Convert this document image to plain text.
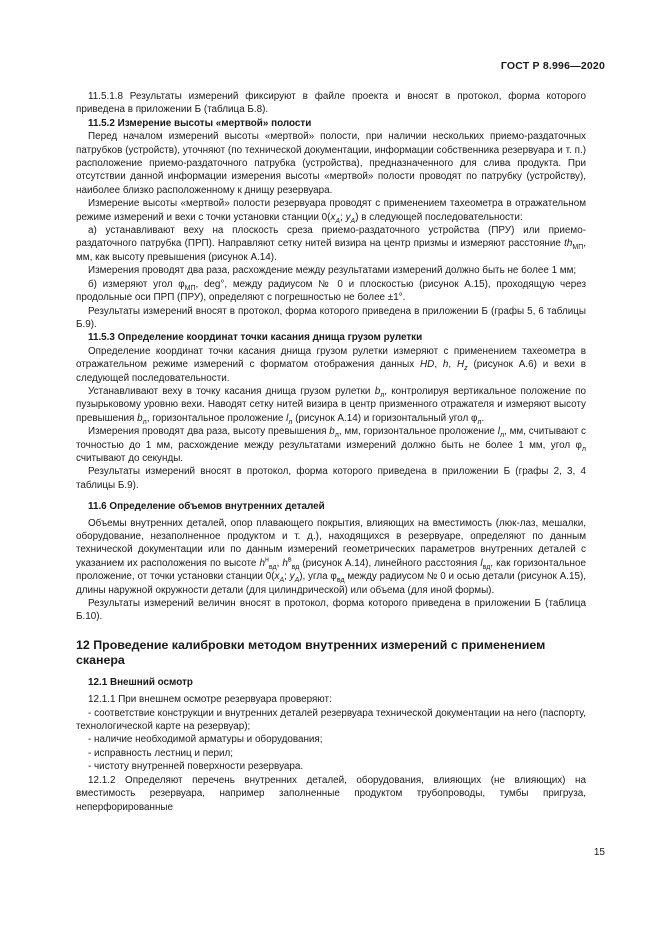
ГОСТ Р 8.996—2020

11.5.1.8 Результаты измерений фиксируют в файле проекта и вносят в протокол, форма которого приведена в приложении Б (таблица Б.8).

11.5.2 Измерение высоты «мертвой» полости

Перед началом измерений высоты «мертвой» полости, при наличии нескольких приемо-раздаточных патрубков (устройств), уточняют (по технической документации, информации собственника резервуара и т. п.) расположение приемо-раздаточного патрубка (устройства), предназначенного для слива продукта. При отсутствии данной информации измерения высоты «мертвой» полости проводят по патрубку (устройству), наиболее близко расположенному к днищу резервуара.

Измерение высоты «мертвой» полости резервуара проводят с применением тахеометра в отражательном режиме измерений и вехи с точки установки станции $0(x_A$; $y_A$) в следующей последовательности:

а) устанавливают веху на плоскость среза приемо-раздаточного устройства (ПРУ) или приемо-раздаточного патрубка (ПРП). Направляют сетку нитей визира на центр призмы и измеряют расстояние $th_{МП}$, мм, как высоту превышения (рисунок А.14).

Измерения проводят два раза, расхождение между результатами измерений должно быть не более 1 мм;

б) измеряют угол $\varphi_{МП}$, deg°, между радиусом № 0 и плоскостью (рисунок А.15), проходящую через продольные оси ПРП (ПРУ), определяют с погрешностью не более ±1°.

Результаты измерений вносят в протокол, форма которого приведена в приложении Б (графы 5, 6 таблицы Б.9).

11.5.3 Определение координат точки касания днища грузом рулетки

Определение координат точки касания днища грузом рулетки измеряют с применением тахеометра в отражательном режиме измерений с форматом отображения данных HD, h, $H_z$ (рисунок А.6) и вехи в следующей последовательности.

Устанавливают веху в точку касания днища грузом рулетки $b_л$, контролируя вертикальное положение по пузырьковому уровню вехи. Наводят сетку нитей визира в центр призменного отражателя и измеряют высоту превышения $b_л$, горизонтальное проложение $l_л$ (рисунок А.14) и горизонтальный угол $\varphi_л$.

Измерения проводят два раза, высоту превышения $b_л$, мм, горизонтальное проложение $l_л$, мм, считывают с точностью до 1 мм, расхождение между результатами измерений должно быть не более 1 мм, угол $\varphi_л$ считывают до секунды.

Результаты измерений вносят в протокол, форма которого приведена в приложении Б (графы 2, 3, 4 таблицы Б.9).

11.6 Определение объемов внутренних деталей

Объемы внутренних деталей, опор плавающего покрытия, влияющих на вместимость (люк-лаз, мешалки, оборудование, незаполненное продуктом и т. д.), находящихся в резервуаре, определяют по данным технической документации или по данным измерений геометрических параметров внутренних деталей с указанием их расположения по высоте $h^н_{вд}$, $h^в_{вд}$ (рисунок А.14), линейного расстояния $l_{вд}$, как горизонтальное проложение, от точки установки станции $0(x_A$; $y_A$), угла $\varphi_{вд}$ между радиусом № 0 и осью детали (рисунок А.15), длины наружной окружности детали (для цилиндрической) или объема (для иной формы).

Результаты измерений величин вносят в протокол, форма которого приведена в приложении Б (таблица Б.10).

12 Проведение калибровки методом внутренних измерений с применением сканера
12.1 Внешний осмотр

12.1.1 При внешнем осмотре резервуара проверяют:

- соответствие конструкции и внутренних деталей резервуара технической документации на него (паспорту, технологической карте на резервуар);

- наличие необходимой арматуры и оборудования;

- исправность лестниц и перил;

- чистоту внутренней поверхности резервуара.

12.1.2 Определяют перечень внутренних деталей, оборудования, влияющих (не влияющих) на вместимость резервуара, например заполненные продуктом трубопроводы, тумбы пригруза, неперфорированные

15
